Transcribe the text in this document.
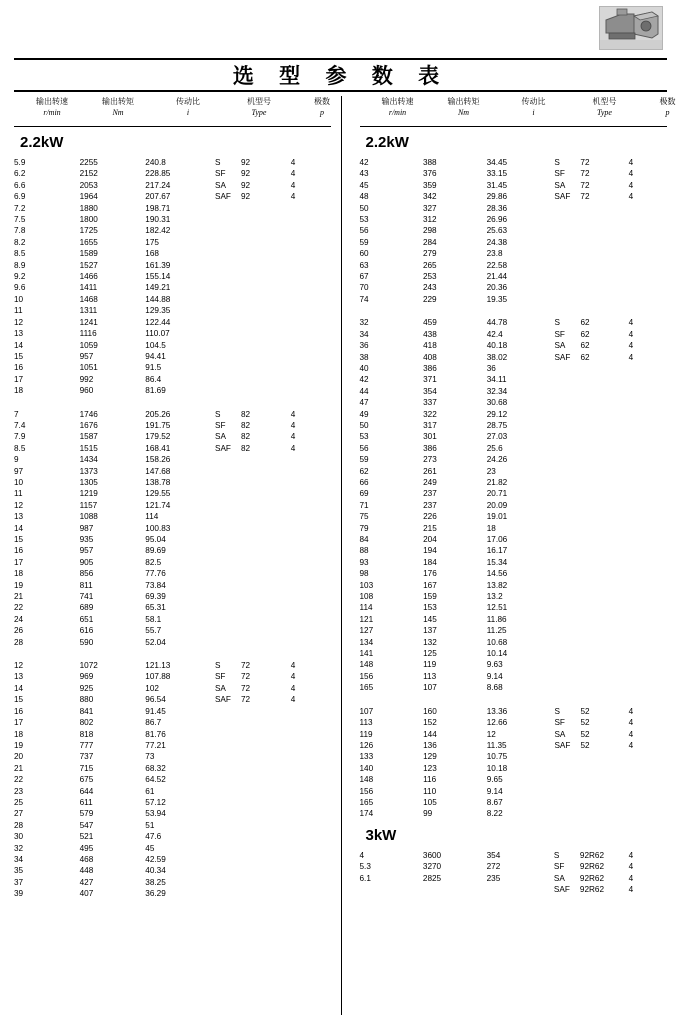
选 型 参 数 表
输出转速
r/min
输出转矩
Nm
传动比
i
机型号
Type
极数
p
2.2kW
5.9	2255	240.8	S 92	4
6.2	2152	228.85	SF 92	4
6.6	2053	217.24	SA 92	4
6.9	1964	207.67	SAF 92	4
7.2	1880	198.71		
7.5	1800	190.31		
7.8	1725	182.42		
8.2	1655	175		
8.5	1589	168		
8.9	1527	161.39		
9.2	1466	155.14		
9.6	1411	149.21		
10	1468	144.88		
11	1311	129.35		
12	1241	122.44		
13	1116	110.07		
14	1059	104.5		
15	957	94.41		
16	1051	91.5		
17	992	86.4		
18	960	81.69		
7	1746	205.26	S 82	4
7.4	1676	191.75	SF 82	4
7.9	1587	179.52	SA 82	4
8.5	1515	168.41	SAF 82	4
9	1434	158.26		
97	1373	147.68		
10	1305	138.78		
11	1219	129.55		
12	1157	121.74		
13	1088	114		
14	987	100.83		
15	935	95.04		
16	957	89.69		
17	905	82.5		
18	856	77.76		
19	811	73.84		
21	741	69.39		
22	689	65.31		
24	651	58.1		
26	616	55.7		
28	590	52.04		
12	1072	121.13	S 72	4
13	969	107.88	SF 72	4
14	925	102	SA 72	4
15	880	96.54	SAF 72	4
16	841	91.45		
17	802	86.7		
18	818	81.76		
19	777	77.21		
20	737	73		
21	715	68.32		
22	675	64.52		
23	644	61		
25	611	57.12		
27	579	53.94		
28	547	51		
30	521	47.6		
32	495	45		
34	468	42.59		
35	448	40.34		
37	427	38.25		
39	407	36.29		
输出转速
r/min
输出转矩
Nm
传动比
i
机型号
Type
极数
p
2.2kW
42	388	34.45	S 72	4
43	376	33.15	SF 72	4
45	359	31.45	SA 72	4
48	342	29.86	SAF 72	4
50	327	28.36		
53	312	26.96		
56	298	25.63		
59	284	24.38		
60	279	23.8		
63	265	22.58		
67	253	21.44		
70	243	20.36		
74	229	19.35		
32	459	44.78	S 62	4
34	438	42.4	SF 62	4
36	418	40.18	SA 62	4
38	408	38.02	SAF 62	4
40	386	36		
42	371	34.11		
44	354	32.34		
47	337	30.68		
49	322	29.12		
50	317	28.75		
53	301	27.03		
56	386	25.6		
59	273	24.26		
62	261	23		
66	249	21.82		
69	237	20.71		
71	237	20.09		
75	226	19.01		
79	215	18		
84	204	17.06		
88	194	16.17		
93	184	15.34		
98	176	14.56		
103	167	13.82		
108	159	13.2		
114	153	12.51		
121	145	11.86		
127	137	11.25		
134	132	10.68		
141	125	10.14		
148	119	9.63		
156	113	9.14		
165	107	8.68		
107	160	13.36	S 52	4
113	152	12.66	SF 52	4
119	144	12	SA 52	4
126	136	11.35	SAF 52	4
133	129	10.75		
140	123	10.18		
148	116	9.65		
156	110	9.14		
165	105	8.67		
174	99	8.22		
3kW
4	3600	354	S 92R62	4
5.3	3270	272	SF 92R62	4
6.1	2825	235	SA 92R62	4
			SAF 92R62	4
